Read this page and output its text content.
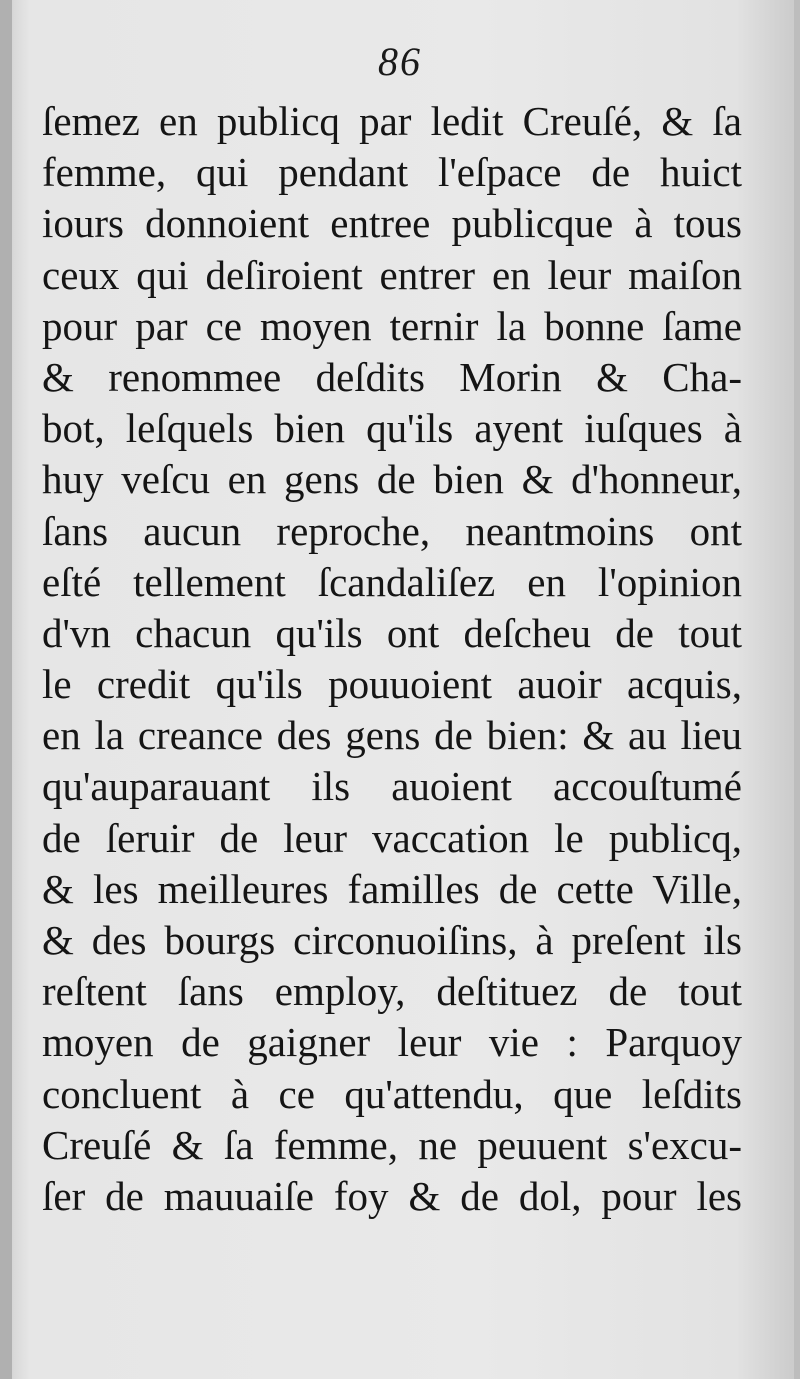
86
ſemez en publicq par ledit Creuſé, & ſa
femme, qui pendant l'eſpace de huict
iours donnoient entree publicque à tous
ceux qui deſiroient entrer en leur maiſon
pour par ce moyen ternir la bonne ſame
& renommee deſdits Morin & Cha-
bot, leſquels bien qu'ils ayent iuſques à
huy veſcu en gens de bien & d'honneur,
ſans aucun reproche, neantmoins ont
eſté tellement ſcandaliſez en l'opinion
d'vn chacun qu'ils ont deſcheu de tout
le credit qu'ils pouuoient auoir acquis,
en la creance des gens de bien: & au lieu
qu'auparauant ils auoient accouſtumé
de ſeruir de leur vaccation le publicq,
& les meilleures familles de cette Ville,
& des bourgs circonuoiſins, à preſent ils
reſtent ſans employ, deſtituez de tout
moyen de gaigner leur vie : Parquoy
concluent à ce qu'attendu, que leſdits
Creuſé & ſa femme, ne peuuent s'excu-
ſer de mauuaiſe foy & de dol, pour les
